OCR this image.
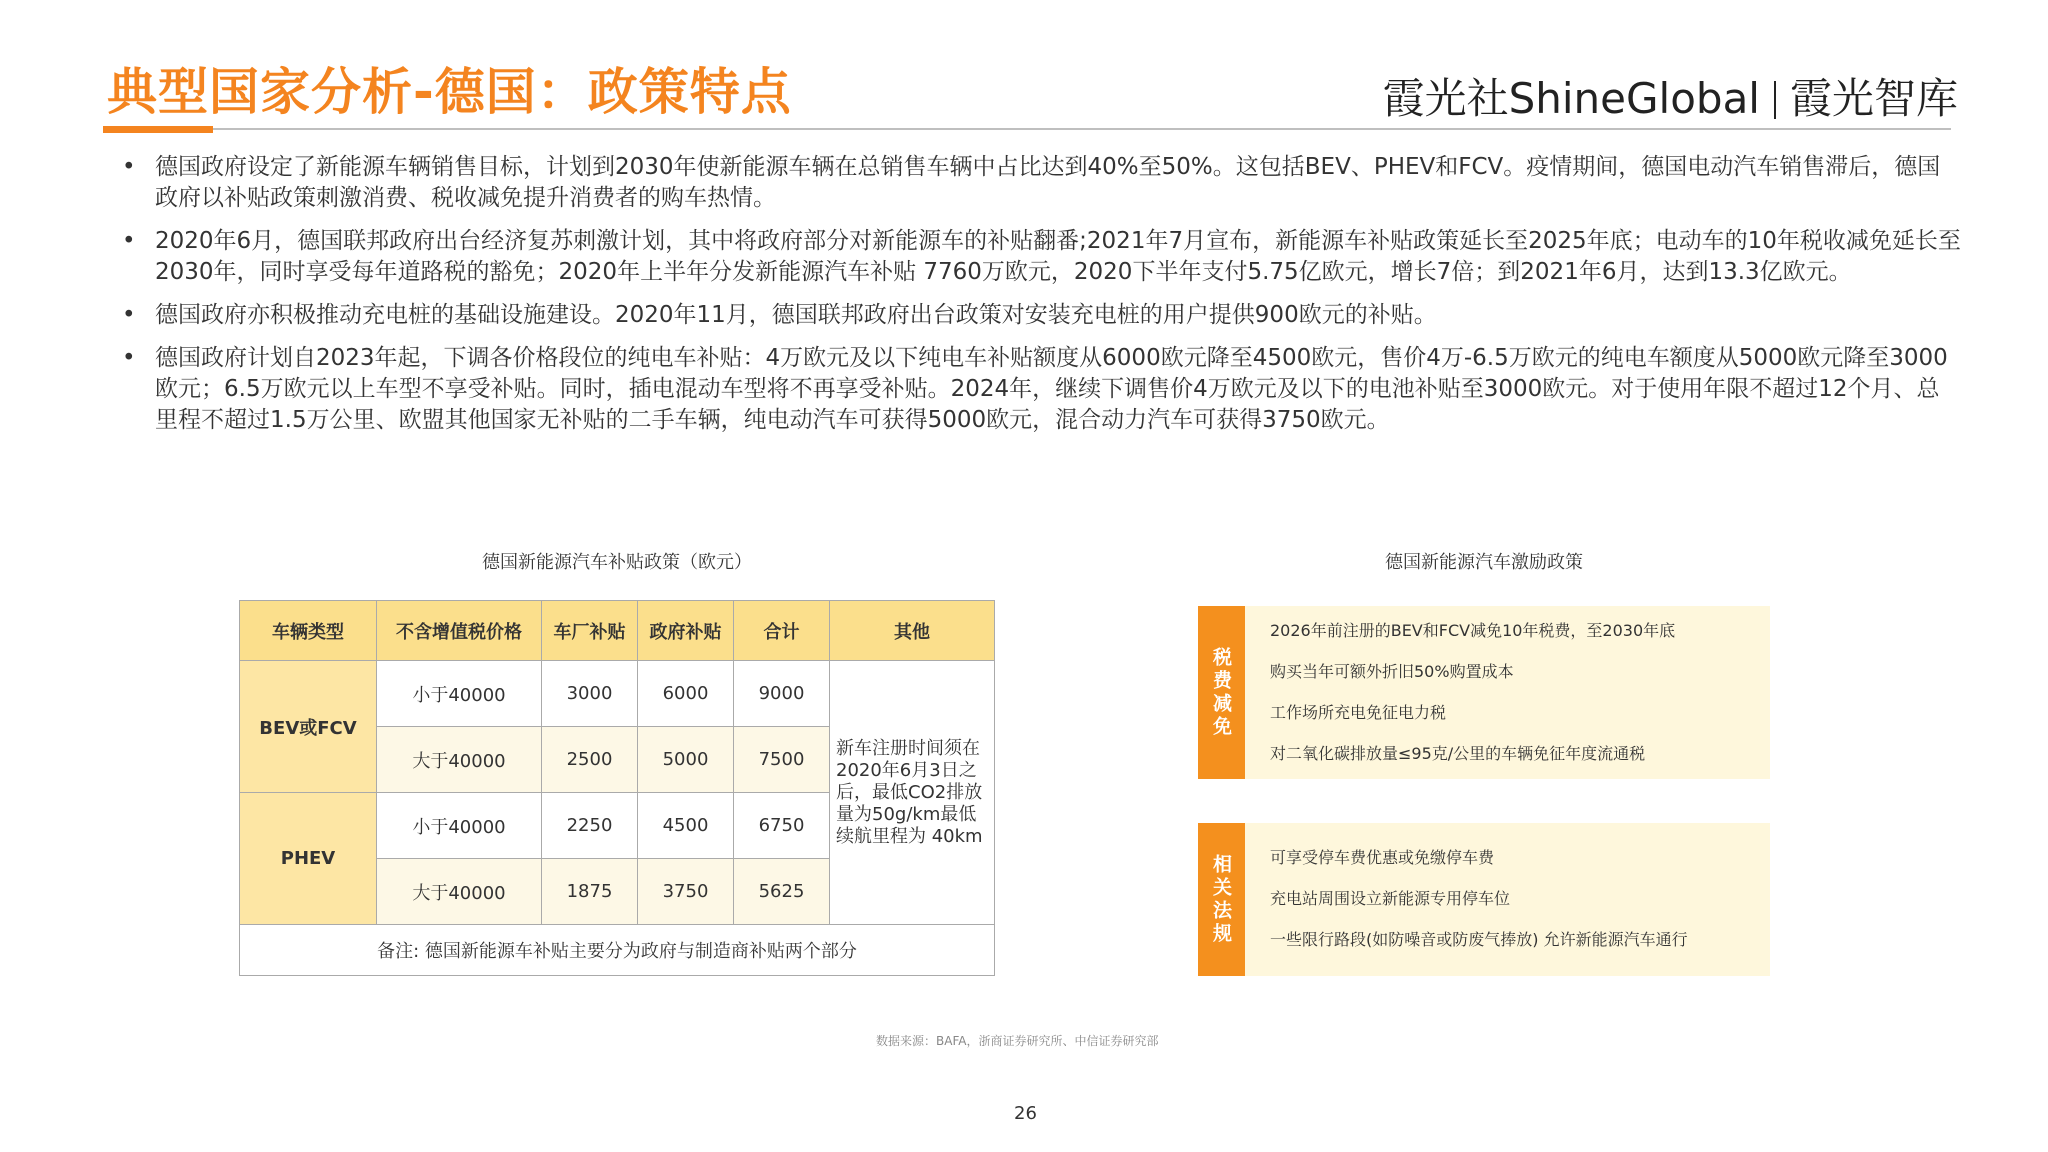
典型国家分析-德国：政策特点	霞光社ShineGlobal 霞光智库
• 德国政府设定了新能源车辆销售目标，计划到2030年使新能源车辆在总销售车辆中占比达到40%至50%。这包括BEV、PHEV和FCV。疫情期间，德国电动汽车销售滞后，德国政府以补贴政策刺激消费、税收减免提升消费者的购车热情。
• 2020年6月，德国联邦政府出台经济复苏刺激计划，其中将政府部分对新能源车的补贴翻番;2021年7月宣布，新能源车补贴政策延长至2025年底；电动车的10年税收减免延长至2030年，同时享受每年道路税的豁免；2020年上半年分发新能源汽车补贴 7760万欧元，2020下半年支付5.75亿欧元，增长7倍；到2021年6月，达到13.3亿欧元。
• 德国政府亦积极推动充电桩的基础设施建设。2020年11月，德国联邦政府出台政策对安装充电桩的用户提供900欧元的补贴。
• 德国政府计划自2023年起，下调各价格段位的纯电车补贴：4万欧元及以下纯电车补贴额度从6000欧元降至4500欧元，售价4万-6.5万欧元的纯电车额度从5000欧元降至3000欧元；6.5万欧元以上车型不享受补贴。同时，插电混动车型将不再享受补贴。2024年，继续下调售价4万欧元及以下的电池补贴至3000欧元。对于使用年限不超过12个月、总里程不超过1.5万公里、欧盟其他国家无补贴的二手车辆，纯电动汽车可获得5000欧元，混合动力汽车可获得3750欧元。
德国新能源汽车补贴政策（欧元）
车辆类型	不含增值税价格	车厂补贴	政府补贴	合计	其他
BEV或FCV	小于40000	3000	6000	9000	新车注册时间须在2020年6月3日之后，最低CO2排放量为50g/km最低续航里程为 40km
	大于40000	2500	5000	7500	
PHEV	小于40000	2250	4500	6750	
	大于40000	1875	3750	5625	
备注: 德国新能源车补贴主要分为政府与制造商补贴两个部分					
德国新能源汽车激励政策
税费减免
2026年前注册的BEV和FCV减免10年税费，至2030年底
购买当年可额外折旧50%购置成本
工作场所充电免征电力税
对二氧化碳排放量≤95克/公里的车辆免征年度流通税
相关法规	可享受停车费优惠或免缴停车费
充电站周围设立新能源专用停车位
一些限行路段(如防噪音或防废气捧放) 允许新能源汽车通行
数据来源：BAFA，浙商证券研究所、中信证券研究部
26
